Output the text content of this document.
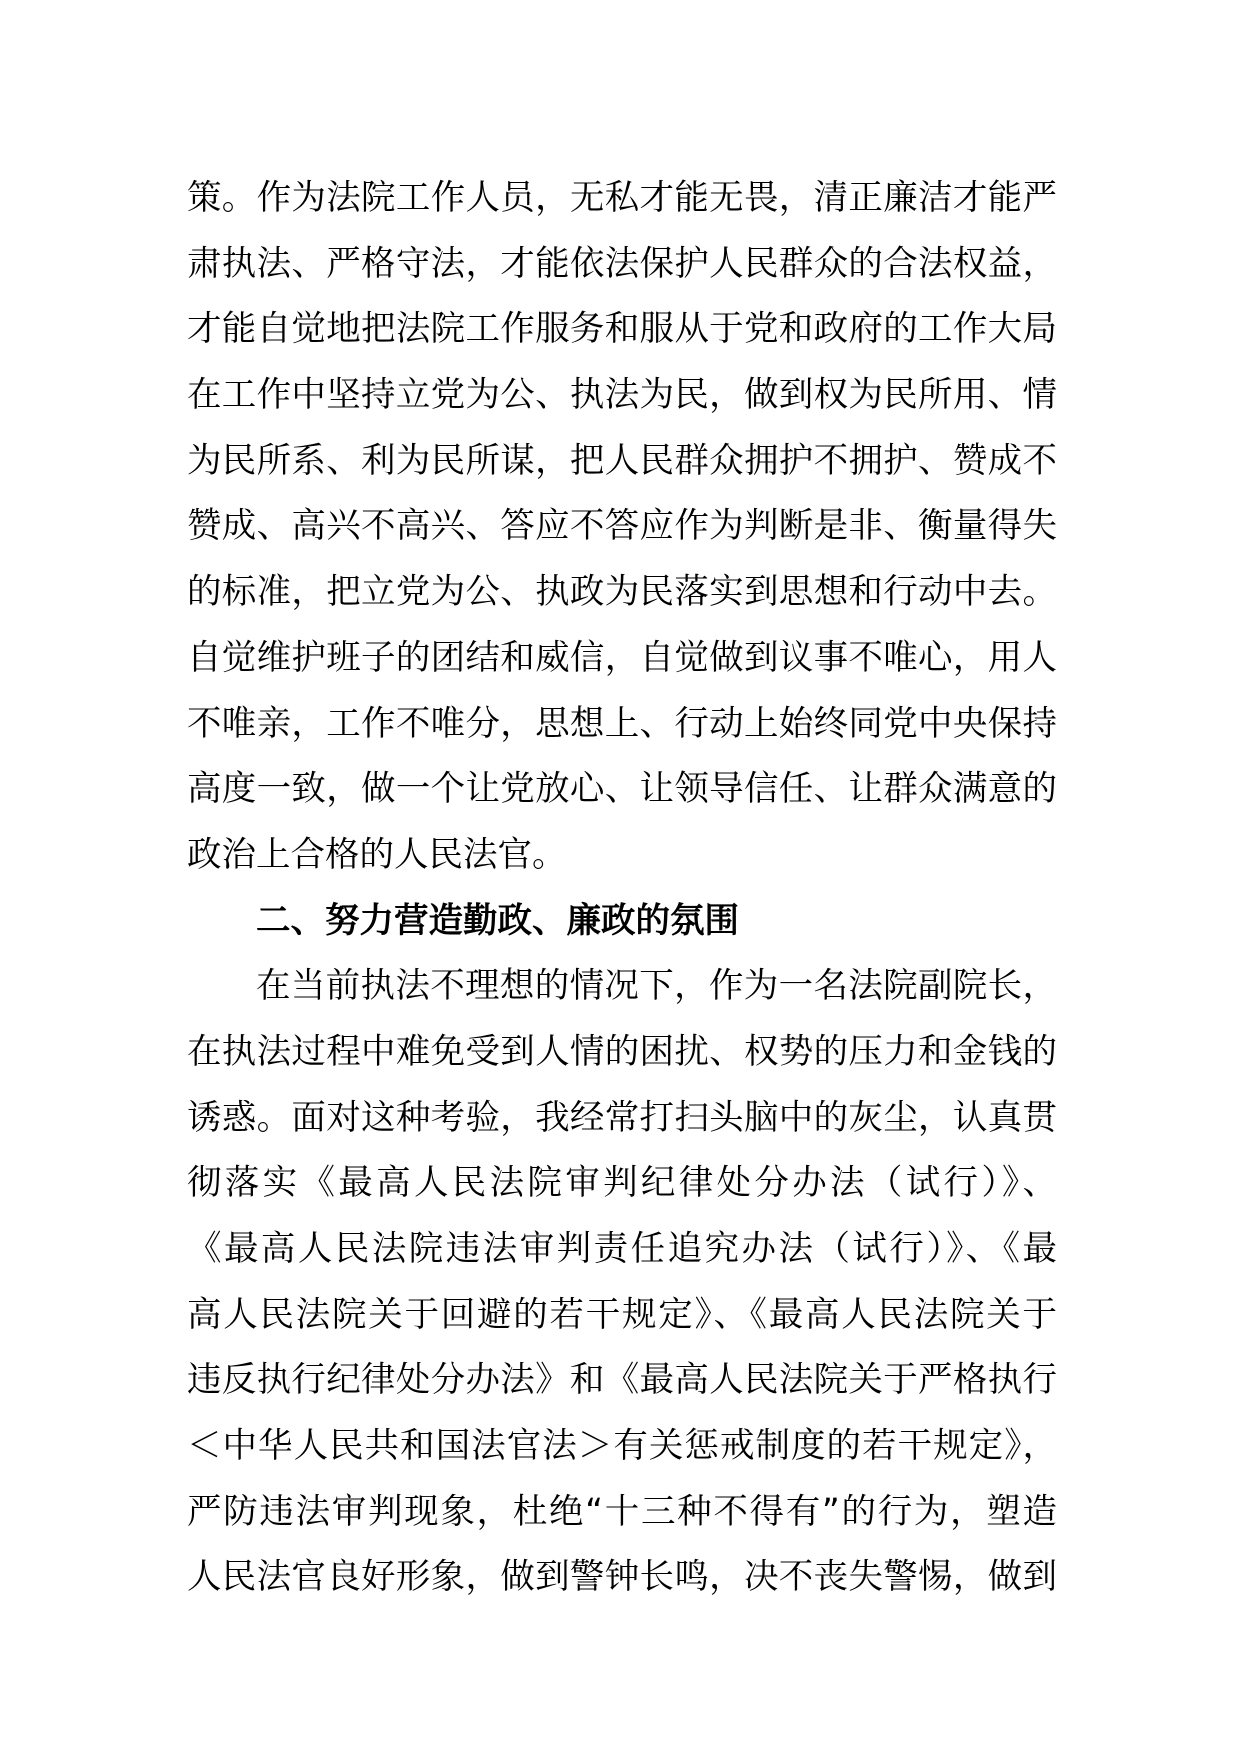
策。作为法院工作人员，无私才能无畏，清正廉洁才能严
肃执法、严格守法，才能依法保护人民群众的合法权益，
才能自觉地把法院工作服务和服从于党和政府的工作大局
在工作中坚持立党为公、执法为民，做到权为民所用、情
为民所系、利为民所谋，把人民群众拥护不拥护、赞成不
赞成、高兴不高兴、答应不答应作为判断是非、衡量得失
的标准，把立党为公、执政为民落实到思想和行动中去。
自觉维护班子的团结和威信，自觉做到议事不唯心，用人
不唯亲，工作不唯分，思想上、行动上始终同党中央保持
高度一致，做一个让党放心、让领导信任、让群众满意的
政治上合格的人民法官。
二、努力营造勤政、廉政的氛围
在当前执法不理想的情况下，作为一名法院副院长，
在执法过程中难免受到人情的困扰、权势的压力和金钱的
诱惑。面对这种考验，我经常打扫头脑中的灰尘，认真贯
彻落实《最高人民法院审判纪律处分办法（试行）》、
《最高人民法院违法审判责任追究办法（试行）》、《最
高人民法院关于回避的若干规定》、《最高人民法院关于
违反执行纪律处分办法》和《最高人民法院关于严格执行
＜中华人民共和国法官法＞有关惩戒制度的若干规定》，
严防违法审判现象，杜绝“十三种不得有”的行为，塑造
人民法官良好形象，做到警钟长鸣，决不丧失警惕，做到
